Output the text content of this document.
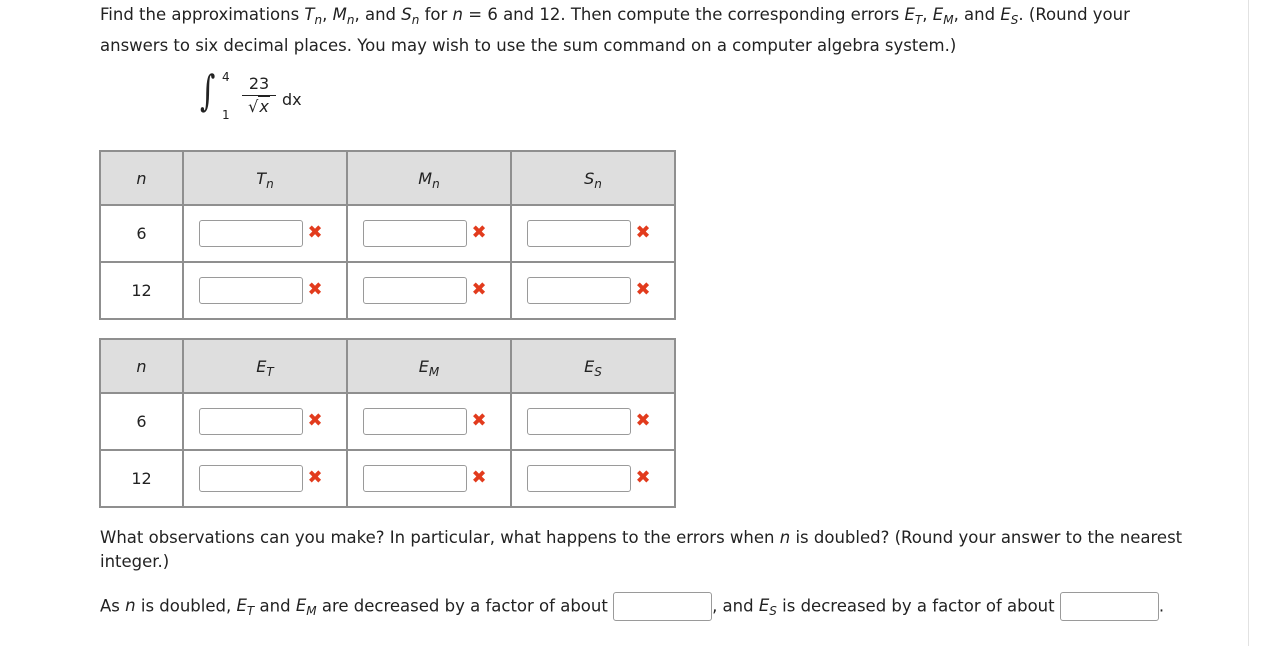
Find the approximations $T_n$, $M_n$, and $S_n$ for n = 6 and 12. Then compute the corresponding errors $E_T$, $E_M$, and $E_S$. (Round your
answers to six decimal places. You may wish to use the sum command on a computer algebra system.)
∫ 4
1
23
√x dx
n	$T_n$	$M_n$	$S_n$
6	✖	✖	✖

12	✖	✖	✖
n	$E_T$	$E_M$	$E_S$
6	✖	✖	✖

12	✖	✖	✖
What observations can you make? In particular, what happens to the errors when n is doubled? (Round your answer to the nearest integer.)
As n is doubled, $E_T$ and $E_M$ are decreased by a factor of about	, and $E_S$ is decreased by a factor of about	.
